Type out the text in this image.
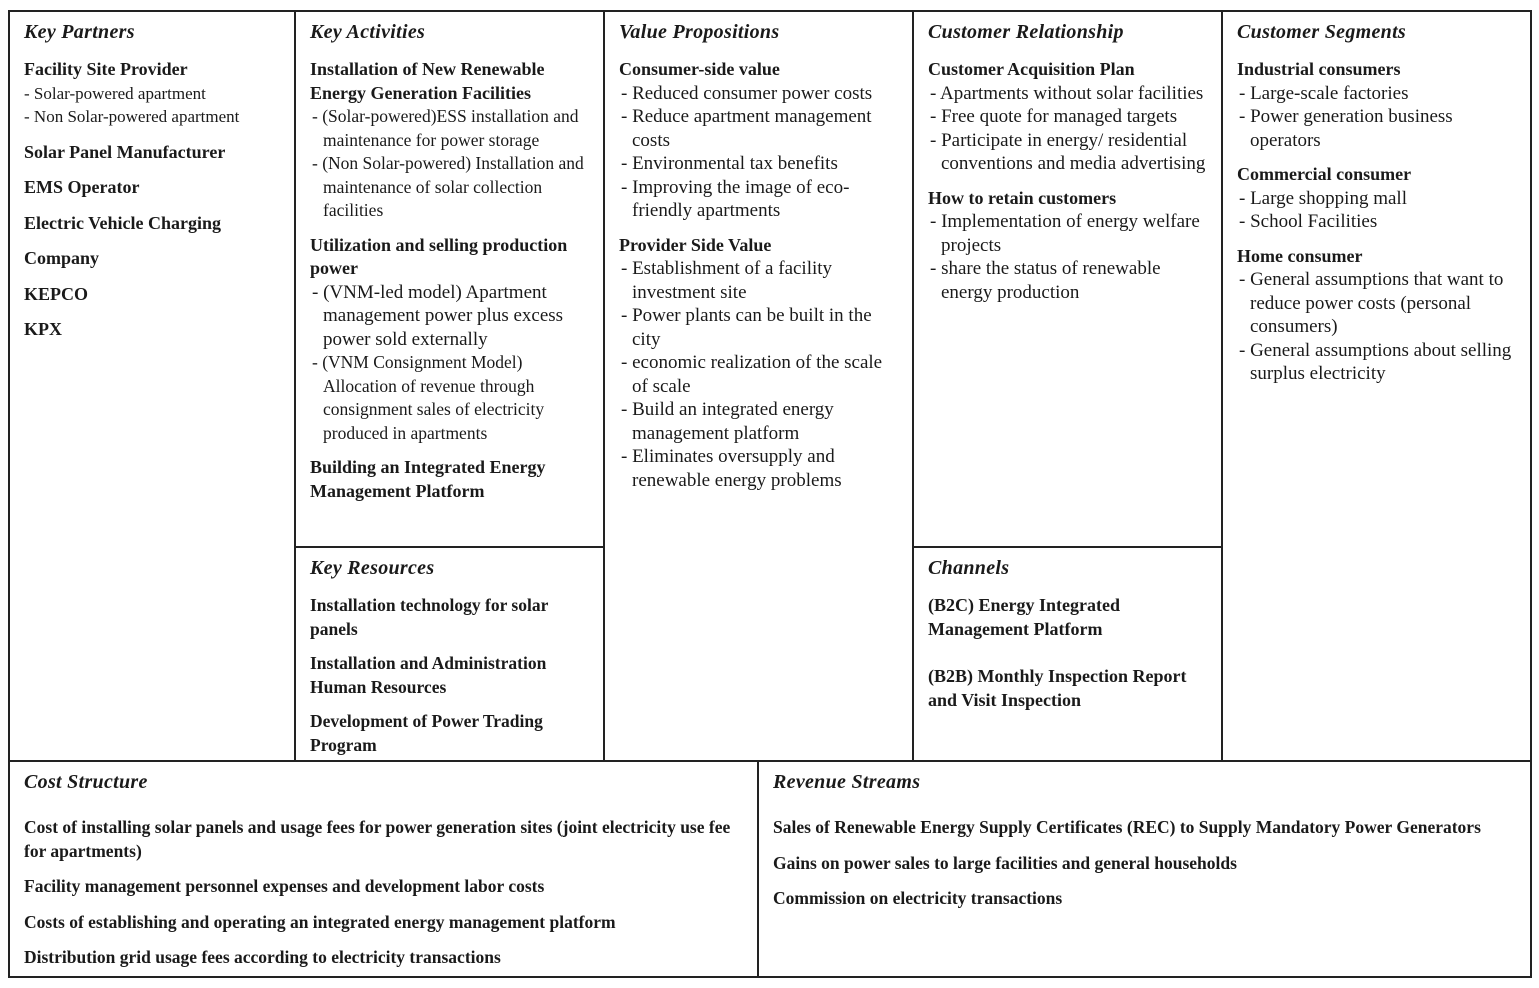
Key Partners
Facility Site Provider
- Solar-powered apartment
- Non Solar-powered apartment
Solar Panel Manufacturer
EMS Operator
Electric Vehicle Charging
Company
KEPCO
KPX
Key Activities
Installation of New Renewable Energy Generation Facilities
- (Solar-powered)ESS installation and maintenance for power storage
- (Non Solar-powered) Installation and maintenance of solar collection facilities
Utilization and selling production power
- (VNM-led model) Apartment management power plus excess power sold externally
- (VNM Consignment Model) Allocation of revenue through consignment sales of electricity produced in apartments
Building an Integrated Energy Management Platform
Key Resources
Installation technology for solar panels
Installation and Administration Human Resources
Development of Power Trading Program
Value Propositions
Consumer-side value
- Reduced consumer power costs
- Reduce apartment management costs
- Environmental tax benefits
- Improving the image of eco-friendly apartments
Provider Side Value
- Establishment of a facility investment site
- Power plants can be built in the city
- economic realization of the scale of scale
- Build an integrated energy management platform
- Eliminates oversupply and renewable energy problems
Customer Relationship
Customer Acquisition Plan
- Apartments without solar facilities
- Free quote for managed targets
- Participate in energy/ residential conventions and media advertising
How to retain customers
- Implementation of energy welfare projects
- share the status of renewable energy production
Channels
(B2C) Energy Integrated Management Platform
(B2B) Monthly Inspection Report and Visit Inspection
Customer Segments
Industrial consumers
- Large-scale factories
- Power generation business operators
Commercial consumer
- Large shopping mall
- School Facilities
Home consumer
- General assumptions that want to reduce power costs (personal consumers)
- General assumptions about selling surplus electricity
Cost Structure
Cost of installing solar panels and usage fees for power generation sites (joint electricity use fee for apartments)
Facility management personnel expenses and development labor costs
Costs of establishing and operating an integrated energy management platform
Distribution grid usage fees according to electricity transactions
Revenue Streams
Sales of Renewable Energy Supply Certificates (REC) to Supply Mandatory Power Generators
Gains on power sales to large facilities and general households
Commission on electricity transactions
